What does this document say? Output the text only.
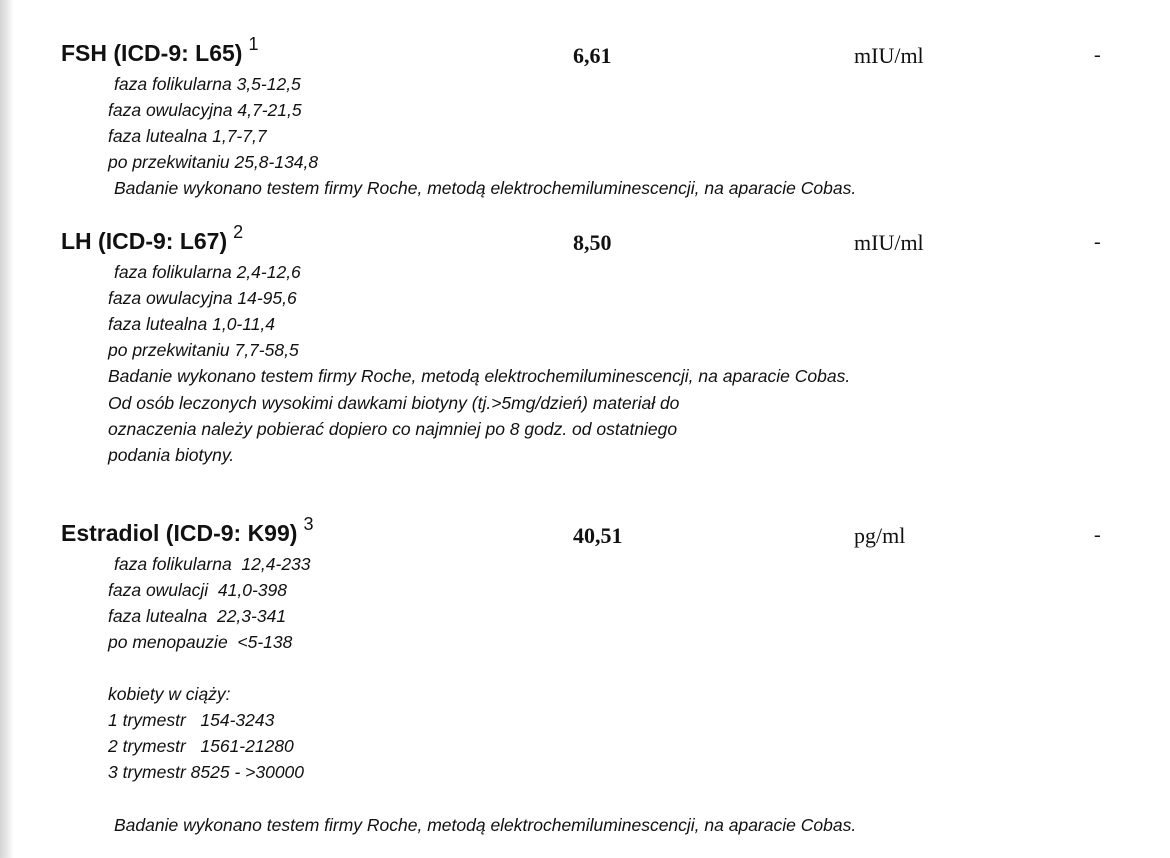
FSH (ICD-9: L65) $^1$	6,61	mIU/ml	-
faza folikularna 3,5-12,5
faza owulacyjna 4,7-21,5
faza lutealna 1,7-7,7
po przekwitaniu 25,8-134,8
Badanie wykonano testem firmy Roche, metodą elektrochemiluminescencji, na aparacie Cobas.
LH (ICD-9: L67) $^2$	8,50	mIU/ml	-
faza folikularna 2,4-12,6
faza owulacyjna 14-95,6
faza lutealna 1,0-11,4
po przekwitaniu 7,7-58,5
Badanie wykonano testem firmy Roche, metodą elektrochemiluminescencji, na aparacie Cobas.
Od osób leczonych wysokimi dawkami biotyny (tj.>5mg/dzień) materiał do
oznaczenia należy pobierać dopiero co najmniej po 8 godz. od ostatniego
podania biotyny.
Estradiol (ICD-9: K99) $^3$	40,51	pg/ml	-
faza folikularna  12,4-233
faza owulacji  41,0-398
faza lutealna  22,3-341
po menopauzie  <5-138
kobiety w ciąży:
1 trymestr   154-3243
2 trymestr   1561-21280
3 trymestr 8525 - >30000
Badanie wykonano testem firmy Roche, metodą elektrochemiluminescencji, na aparacie Cobas.
